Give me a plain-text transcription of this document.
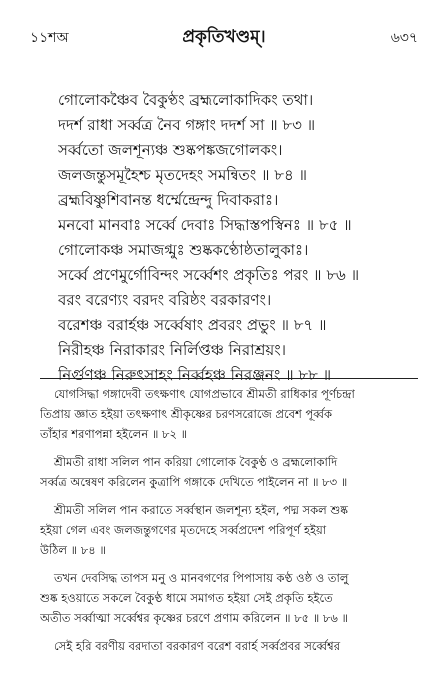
১১শঅ	প্রকৃতিখণ্ডম্।	৬৩৭
গোলোকঞ্চৈব বৈকুণ্ঠং ব্রহ্মলোকাদিকং তথা।
দদর্শ রাধা সর্ব্বত্র নৈব গঙ্গাং দদর্শ সা ॥ ৮৩ ॥
সর্ব্বতো জলশূন্যঞ্চ শুষ্কপঙ্কজগোলকং।
জলজন্তুসমূহৈশ্চ মৃতদেহং সমন্বিতং ॥ ৮৪ ॥
ব্রহ্মবিষ্ণুশিবানন্ত ধর্ম্মেন্দ্রেন্দু দিবাকরাঃ।
মনবো মানবাঃ সর্ব্বে দেবাঃ সিদ্ধাস্তপস্বিনঃ ॥ ৮৫ ॥
গোলোকঞ্চ সমাজগ্মুঃ শুষ্ককণ্ঠোষ্ঠতালুকাঃ।
সর্ব্বে প্রণেমুর্গোবিন্দং সর্ব্বেশং প্রকৃতিঃ পরং ॥ ৮৬ ॥
বরং বরেণ্যং বরদং বরিষ্ঠং বরকারণং।
বরেশঞ্চ বরার্হঞ্চ সর্ব্বেষাং প্রবরং প্রভুং ॥ ৮৭ ॥
নিরীহঞ্চ নিরাকারং নির্লিপ্তঞ্চ নিরাশ্রয়ং।
নির্গুণঞ্চ নিরুৎসাহং নির্ব্বহঞ্চ নিরঞ্জনং ॥ ৮৮ ॥
যোগসিদ্ধা গঙ্গাদেবী তৎক্ষণাৎ যোগপ্রভাবে শ্রীমতী রাধিকার পূর্ণচন্দ্রা
তিপ্রায় জ্ঞাত হইয়া তৎক্ষণাৎ শ্রীকৃষ্ণের চরণসরোজে প্রবেশ পূর্ব্বক
তাঁহার শরণাপন্না হইলেন ॥ ৮২ ॥
শ্রীমতী রাধা সলিল পান করিয়া গোলোক বৈকুণ্ঠ ও ব্রহ্মলোকাদি
সর্ব্বত্র অন্বেষণ করিলেন কুত্রাপি গঙ্গাকে দেখিতে পাইলেন না ॥ ৮৩ ॥
শ্রীমতী সলিল পান করাতে সর্ব্বস্থান জলশূন্য হইল, পদ্ম সকল শুষ্ক
হইয়া গেল এবং জলজন্তুগণের মৃতদেহে সর্ব্বপ্রদেশ পরিপূর্ণ হইয়া
উঠিল ॥ ৮৪ ॥
তখন দেবসিদ্ধ তাপস মনু ও মানবগণের পিপাসায় কণ্ঠ ওষ্ঠ ও তালু
শুষ্ক হওয়াতে সকলে বৈকুণ্ঠ ধামে সমাগত হইয়া সেই প্রকৃতি হইতে
অতীত সর্ব্বাত্মা সর্ব্বেশ্বর কৃষ্ণের চরণে প্রণাম করিলেন ॥ ৮৫ ॥ ৮৬ ॥
সেই হরি বরণীয় বরদাতা বরকারণ বরেশ বরার্হ সর্ব্বপ্রবর সর্ব্বেশ্বর
